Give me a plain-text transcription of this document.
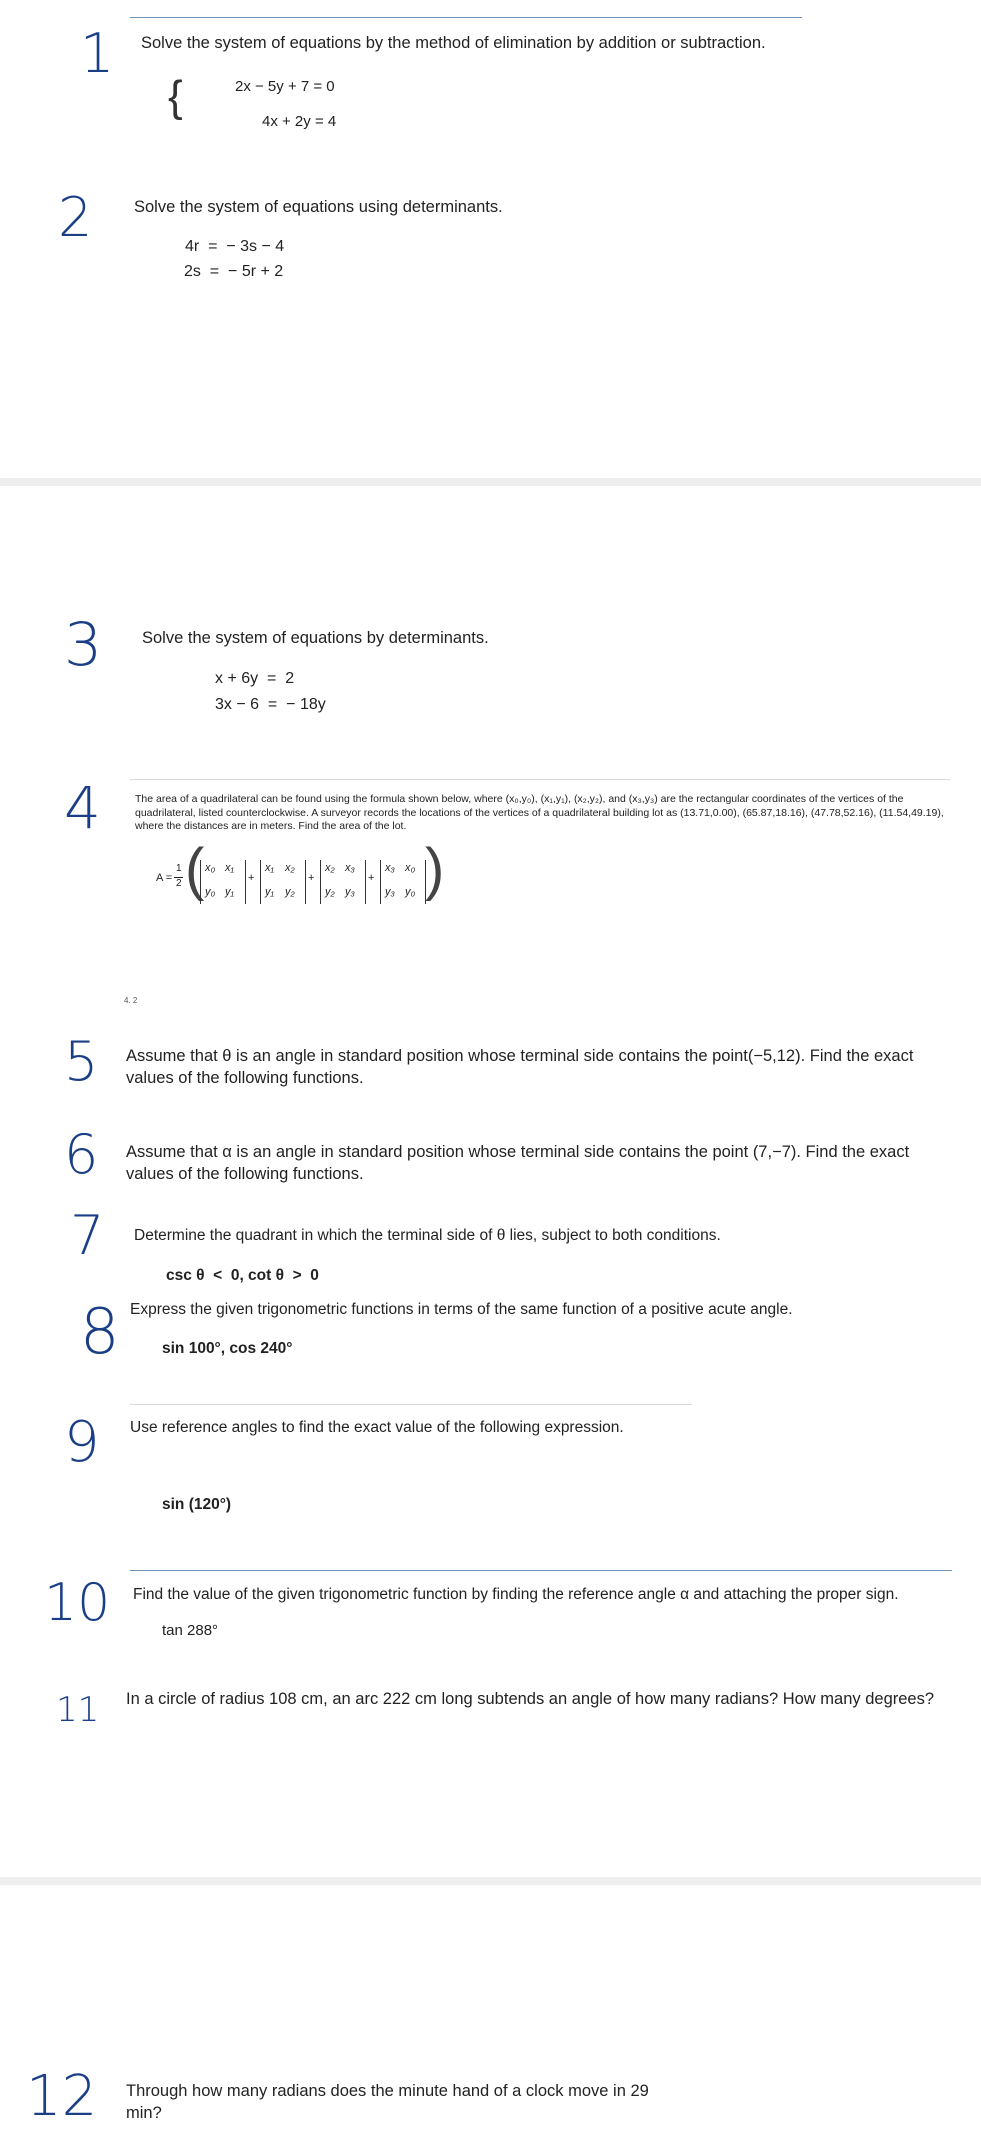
1 Solve the system of equations by the method of elimination by addition or subtraction.
{	2x − 5y + 7 = 0
4x + 2y = 4
2	Solve the system of equations using determinants.
4r  =  − 3s − 4
2s  =  − 5r + 2
3 Solve the system of equations by determinants.
x + 6y  =  2
3x − 6  =  − 18y
4	The area of a quadrilateral can be found using the formula shown below, where (x₀,y₀), (x₁,y₁), (x₂,y₂), and (x₃,y₃) are the rectangular coordinates of the vertices of the quadrilateral, listed counterclockwise. A surveyor records the locations of the vertices of a quadrilateral building lot as (13.71,0.00), (65.87,18.16), (47.78,52.16), (11.54,49.19), where the distances are in meters. Find the area of the lot.
A =
1
2 (	)
x₀ x₁
y₀ y₁
+
x₁ x₂
y₁ y₂
+
x₂ x₃
y₂ y₃
+
x₃ x₀
y₃ y₀
4. 2
5 Assume that θ is an angle in standard position whose terminal side contains the point(−5,12). Find the exact values of the following functions.
6 Assume that α is an angle in standard position whose terminal side contains the point (7,−7). Find the exact values of the following functions.
7 Determine the quadrant in which the terminal side of θ lies, subject to both conditions.
csc θ  <  0, cot θ  >  0
8 Express the given trigonometric functions in terms of the same function of a positive acute angle.
sin 100°, cos 240°
9 Use reference angles to find the exact value of the following expression.
sin (120°)
10 Find the value of the given trigonometric function by finding the reference angle α and attaching the proper sign.
tan 288°
11 In a circle of radius 108 cm, an arc 222 cm long subtends an angle of how many radians? How many degrees?
12 Through how many radians does the minute hand of a clock move in 29 min?
